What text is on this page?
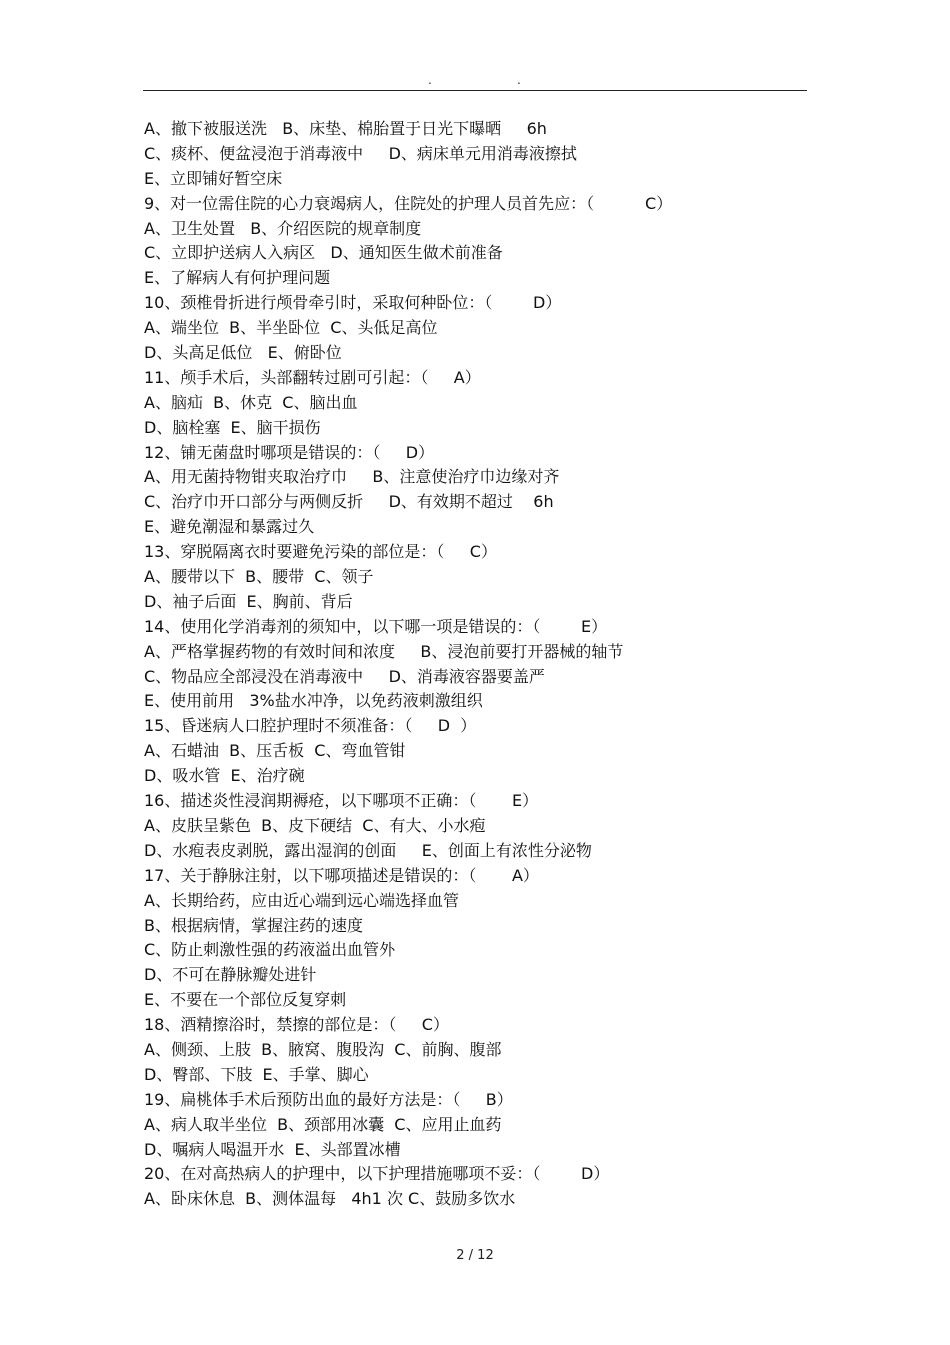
.	.
A、撤下被服送洗   B、床垫、棉胎置于日光下曝晒     6h
C、痰杯、便盆浸泡于消毒液中     D、病床单元用消毒液擦拭
E、立即铺好暂空床
9、对一位需住院的心力衰竭病人，住院处的护理人员首先应：（          C）
A、卫生处置   B、介绍医院的规章制度
C、立即护送病人入病区   D、通知医生做术前准备
E、了解病人有何护理问题
10、颈椎骨折进行颅骨牵引时，采取何种卧位：（        D）
A、端坐位  B、半坐卧位  C、头低足高位
D、头高足低位   E、俯卧位
11、颅手术后，头部翻转过剧可引起：（     A）
A、脑疝  B、休克  C、脑出血
D、脑栓塞  E、脑干损伤
12、铺无菌盘时哪项是错误的：（     D）
A、用无菌持物钳夹取治疗巾     B、注意使治疗巾边缘对齐
C、治疗巾开口部分与两侧反折     D、有效期不超过    6h
E、避免潮湿和暴露过久
13、穿脱隔离衣时要避免污染的部位是：（     C）
A、腰带以下  B、腰带  C、领子
D、袖子后面  E、胸前、背后
14、使用化学消毒剂的须知中，以下哪一项是错误的：（        E）
A、严格掌握药物的有效时间和浓度     B、浸泡前要打开器械的轴节
C、物品应全部浸没在消毒液中     D、消毒液容器要盖严
E、使用前用   3%盐水冲净，以免药液刺激组织
15、昏迷病人口腔护理时不须准备：（     D  ）
A、石蜡油  B、压舌板  C、弯血管钳
D、吸水管  E、治疗碗
16、描述炎性浸润期褥疮，以下哪项不正确：（       E）
A、皮肤呈紫色  B、皮下硬结  C、有大、小水疱
D、水疱表皮剥脱，露出湿润的创面     E、创面上有浓性分泌物
17、关于静脉注射，以下哪项描述是错误的：（       A）
A、长期给药，应由近心端到远心端选择血管
B、根据病情，掌握注药的速度
C、防止刺激性强的药液溢出血管外
D、不可在静脉瓣处进针
E、不要在一个部位反复穿刺
18、酒精擦浴时，禁擦的部位是：（     C）
A、侧颈、上肢  B、腋窝、腹股沟  C、前胸、腹部
D、臀部、下肢  E、手掌、脚心
19、扁桃体手术后预防出血的最好方法是：（     B）
A、病人取半坐位  B、颈部用冰囊  C、应用止血药
D、嘱病人喝温开水  E、头部置冰槽
20、在对高热病人的护理中，以下护理措施哪项不妥：（        D）
A、卧床休息  B、测体温每   4h1 次 C、鼓励多饮水
2 / 12
